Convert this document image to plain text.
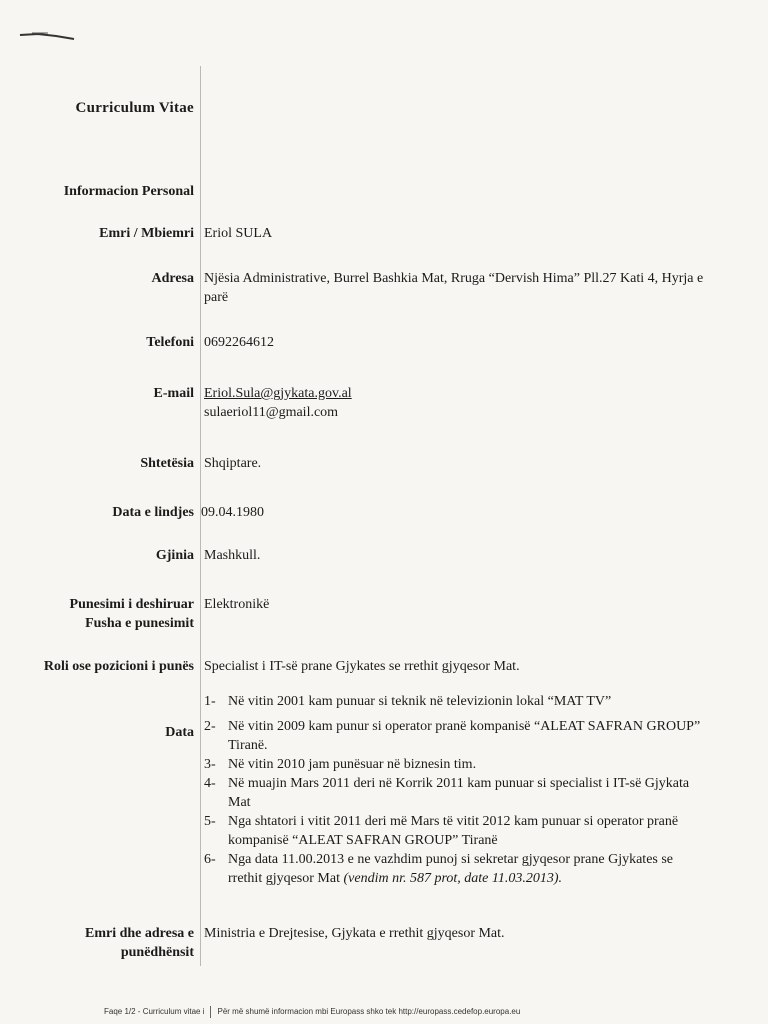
Curriculum Vitae
Informacion Personal
Emri / Mbiemri Eriol SULA
Adresa Njësia Administrative, Burrel Bashkia Mat, Rruga “Dervish Hima” Pll.27 Kati 4, Hyrja e parë
Telefoni 0692264612
E-mail Eriol.Sula@gjykata.gov.al
sulaeriol11@gmail.com
Shtetësia Shqiptare.
Data e lindjes 09.04.1980
Gjinia Mashkull.
Punesimi i deshiruar
Fusha e punesimit
Elektronikë
Roli ose pozicioni i punës Specialist i IT-së prane Gjykates se rrethit gjyqesor Mat.
Data
1- Në vitin 2001 kam punuar si teknik në televizionin lokal “MAT TV”
2- Në vitin 2009 kam punur si operator pranë kompanisë “ALEAT SAFRAN GROUP” Tiranë.
3- Në vitin 2010 jam punësuar në biznesin tim.
4- Në muajin Mars 2011 deri në Korrik 2011 kam punuar si specialist i IT-së Gjykata Mat
5- Nga shtatori i vitit 2011 deri më Mars të vitit 2012 kam punuar si operator pranë kompanisë “ALEAT SAFRAN GROUP” Tiranë
6- Nga data 11.00.2013 e ne vazhdim punoj si sekretar gjyqesor prane Gjykates se rrethit gjyqesor Mat (vendim nr. 587 prot, date 11.03.2013).
Emri dhe adresa e
punëdhënsit
Ministria e Drejtesise, Gjykata e rrethit gjyqesor Mat.
Faqe 1/2 - Curriculum vitae i Për më shumë informacion mbi Europass shko tek http://europass.cedefop.europa.eu
